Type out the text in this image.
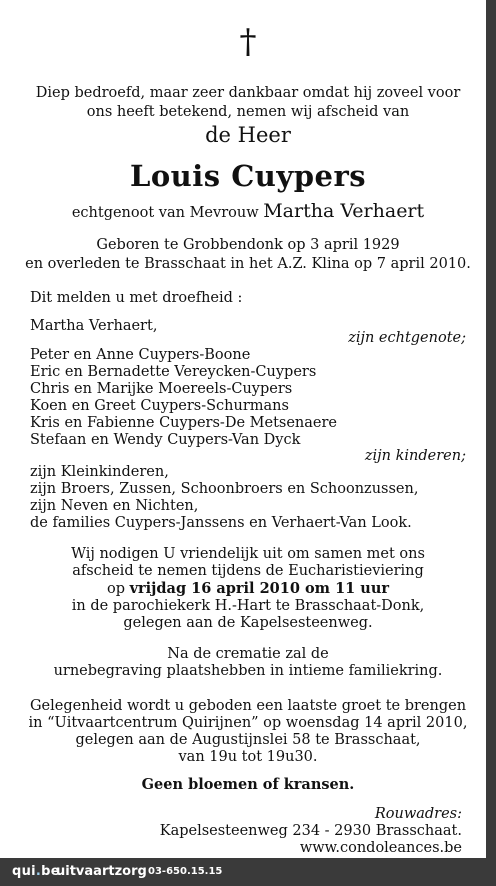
†
Diep bedroefd, maar zeer dankbaar omdat hij zoveel voor
ons heeft betekend, nemen wij afscheid van
de Heer
Louis Cuypers
echtgenoot van Mevrouw Martha Verhaert
Geboren te Grobbendonk op 3 april 1929
en overleden te Brasschaat in het A.Z. Klina op 7 april 2010.
Dit melden u met droefheid :
Martha Verhaert,
zijn echtgenote;
Peter en Anne Cuypers-Boone
Eric en Bernadette Vereycken-Cuypers
Chris en Marijke Moereels-Cuypers
Koen en Greet Cuypers-Schurmans
Kris en Fabienne Cuypers-De Metsenaere
Stefaan en Wendy Cuypers-Van Dyck
zijn kinderen;
zijn Kleinkinderen,
zijn Broers, Zussen, Schoonbroers en Schoonzussen,
zijn Neven en Nichten,
de families Cuypers-Janssens en Verhaert-Van Look.
Wij nodigen U vriendelijk uit om samen met ons
afscheid te nemen tijdens de Eucharistieviering
op vrijdag 16 april 2010 om 11 uur
in de parochiekerk H.-Hart te Brasschaat-Donk,
gelegen aan de Kapelsesteenweg.
Na de crematie zal de
urnebegraving plaatshebben in intieme familiekring.
Gelegenheid wordt u geboden een laatste groet te brengen
in “Uitvaartcentrum Quirijnen” op woensdag 14 april 2010,
gelegen aan de Augustijnslei 58 te Brasschaat,
van 19u tot 19u30.
Geen bloemen of kransen.
Rouwadres:
Kapelsesteenweg 234 - 2930 Brasschaat.
www.condoleances.be
qui.be
uitvaartzorg 03-650.15.15
